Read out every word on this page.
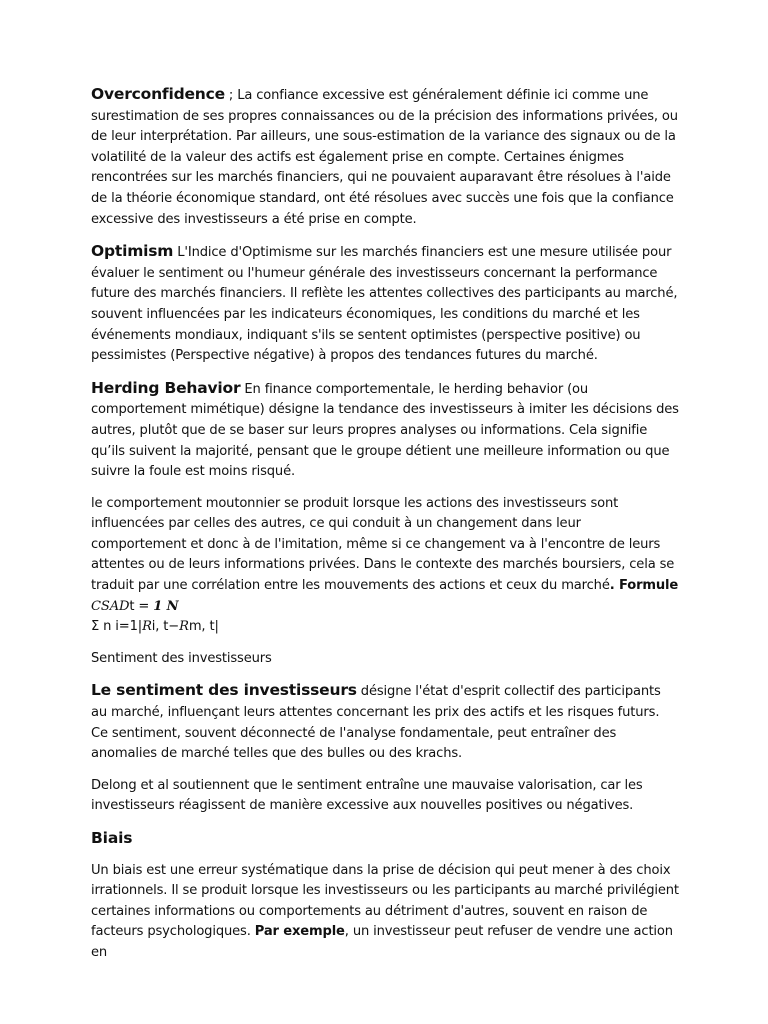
Overconfidence ; La confiance excessive est généralement définie ici comme une surestimation de ses propres connaissances ou de la précision des informations privées, ou de leur interprétation. Par ailleurs, une sous-estimation de la variance des signaux ou de la volatilité de la valeur des actifs est également prise en compte. Certaines énigmes rencontrées sur les marchés financiers, qui ne pouvaient auparavant être résolues à l'aide de la théorie économique standard, ont été résolues avec succès une fois que la confiance excessive des investisseurs a été prise en compte.

Optimism L'Indice d'Optimisme sur les marchés financiers est une mesure utilisée pour évaluer le sentiment ou l'humeur générale des investisseurs concernant la performance future des marchés financiers. Il reflète les attentes collectives des participants au marché, souvent influencées par les indicateurs économiques, les conditions du marché et les événements mondiaux, indiquant s'ils se sentent optimistes (perspective positive) ou pessimistes (Perspective négative) à propos des tendances futures du marché.

Herding Behavior En finance comportementale, le herding behavior (ou comportement mimétique) désigne la tendance des investisseurs à imiter les décisions des autres, plutôt que de se baser sur leurs propres analyses ou informations. Cela signifie qu’ils suivent la majorité, pensant que le groupe détient une meilleure information ou que suivre la foule est moins risqué.

le comportement moutonnier se produit lorsque les actions des investisseurs sont influencées par celles des autres, ce qui conduit à un changement dans leur comportement et donc à de l'imitation, même si ce changement va à l'encontre de leurs attentes ou de leurs informations privées. Dans le contexte des marchés boursiers, cela se traduit par une corrélation entre les mouvements des actions et ceux du marché. Formule CSADt = 1 N
Σ n i=1|Ri, t−Rm, t|

Sentiment des investisseurs

Le sentiment des investisseurs désigne l'état d'esprit collectif des participants au marché, influençant leurs attentes concernant les prix des actifs et les risques futurs. Ce sentiment, souvent déconnecté de l'analyse fondamentale, peut entraîner des anomalies de marché telles que des bulles ou des krachs.

Delong et al soutiennent que le sentiment entraîne une mauvaise valorisation, car les investisseurs réagissent de manière excessive aux nouvelles positives ou négatives.

Biais

Un biais est une erreur systématique dans la prise de décision qui peut mener à des choix irrationnels. Il se produit lorsque les investisseurs ou les participants au marché privilégient certaines informations ou comportements au détriment d'autres, souvent en raison de facteurs psychologiques. Par exemple, un investisseur peut refuser de vendre une action en
